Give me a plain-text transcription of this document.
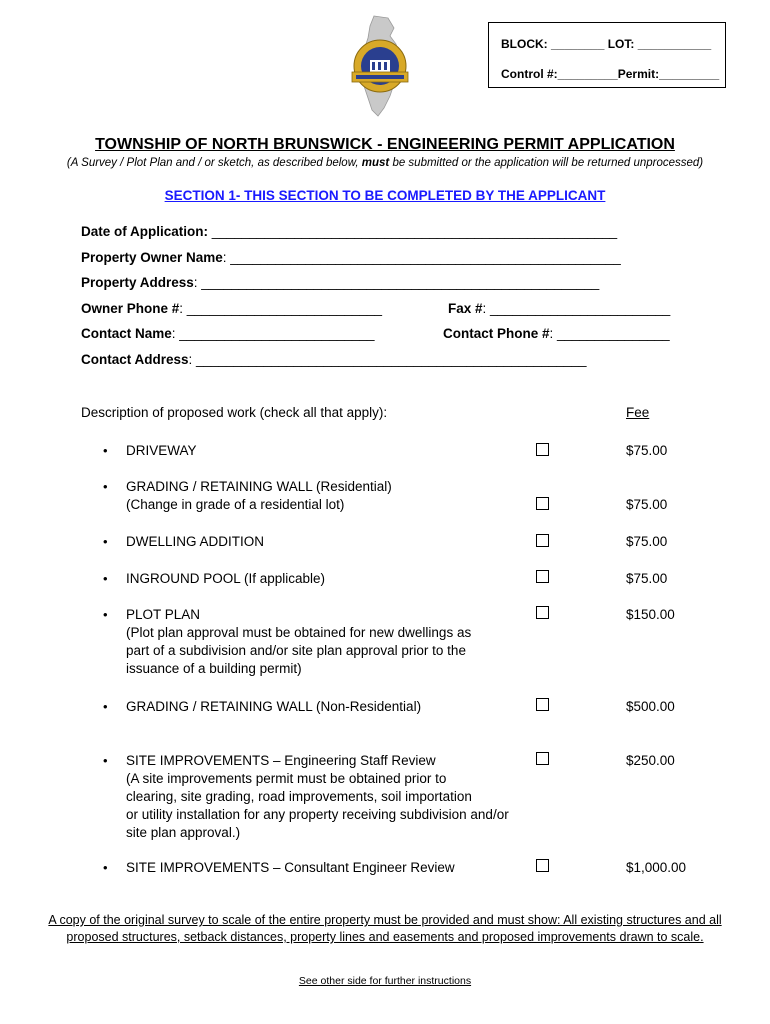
BLOCK: ________ LOT: ___________
Control #:_________Permit:_________
TOWNSHIP OF NORTH BRUNSWICK - ENGINEERING PERMIT APPLICATION
(A Survey / Plot Plan and / or sketch, as described below, must be submitted or the application will be returned unprocessed)
SECTION 1- THIS SECTION TO BE COMPLETED BY THE APPLICANT
Date of Application: ______________________________________________________
Property Owner Name: ____________________________________________________
Property Address: _____________________________________________________
Owner Phone #: __________________________	Fax #: ________________________
Contact Name: __________________________	Contact Phone #: _______________
Contact Address: ____________________________________________________
Description of proposed work (check all that apply):	Fee
• DRIVEWAY	$75.00
• GRADING / RETAINING WALL (Residential)
(Change in grade of a residential lot)	$75.00
• DWELLING ADDITION	$75.00
• INGROUND POOL (If applicable)	$75.00
• PLOT PLAN
(Plot plan approval must be obtained for new dwellings as
part of a subdivision and/or site plan approval prior to the
issuance of a building permit)
$150.00
• GRADING / RETAINING WALL (Non-Residential)	$500.00
• SITE IMPROVEMENTS – Engineering Staff Review
(A site improvements permit must be obtained prior to
clearing, site grading, road improvements, soil importation
or utility installation for any property receiving subdivision and/or
site plan approval.)
$250.00
• SITE IMPROVEMENTS – Consultant Engineer Review	$1,000.00
A copy of the original survey to scale of the entire property must be provided and must show: All existing structures and all proposed structures, setback distances, property lines and easements and proposed improvements drawn to scale.
See other side for further instructions
